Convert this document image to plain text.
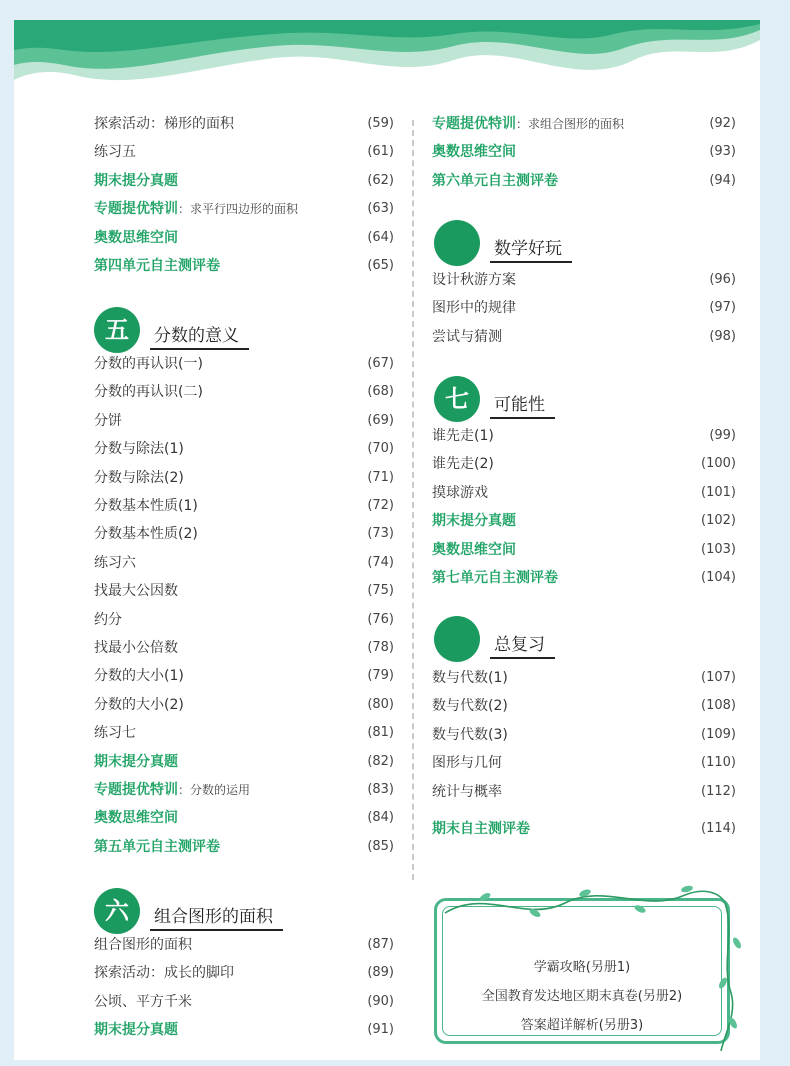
探索活动：梯形的面积	(59)
练习五	(61)
期末提分真题	(62)
专题提优特训：求平行四边形的面积	(63)
奥数思维空间	(64)
第四单元自主测评卷	(65)
五	分数的意义
分数的再认识(一)	(67)
分数的再认识(二)	(68)
分饼	(69)
分数与除法(1)	(70)
分数与除法(2)	(71)
分数基本性质(1)	(72)
分数基本性质(2)	(73)
练习六	(74)
找最大公因数	(75)
约分	(76)
找最小公倍数	(78)
分数的大小(1)	(79)
分数的大小(2)	(80)
练习七	(81)
期末提分真题	(82)
专题提优特训：分数的运用	(83)
奥数思维空间	(84)
第五单元自主测评卷	(85)
六	组合图形的面积
组合图形的面积	(87)
探索活动：成长的脚印	(89)
公顷、平方千米	(90)
期末提分真题	(91)
专题提优特训：求组合图形的面积	(92)
奥数思维空间	(93)
第六单元自主测评卷	(94)
数学好玩
设计秋游方案	(96)
图形中的规律	(97)
尝试与猜测	(98)
七	可能性
谁先走(1)	(99)
谁先走(2)	(100)
摸球游戏	(101)
期末提分真题	(102)
奥数思维空间	(103)
第七单元自主测评卷	(104)
总复习
数与代数(1)	(107)
数与代数(2)	(108)
数与代数(3)	(109)
图形与几何	(110)
统计与概率	(112)
期末自主测评卷	(114)
学霸攻略(另册1)
全国教育发达地区期末真卷(另册2)
答案超详解析(另册3)
